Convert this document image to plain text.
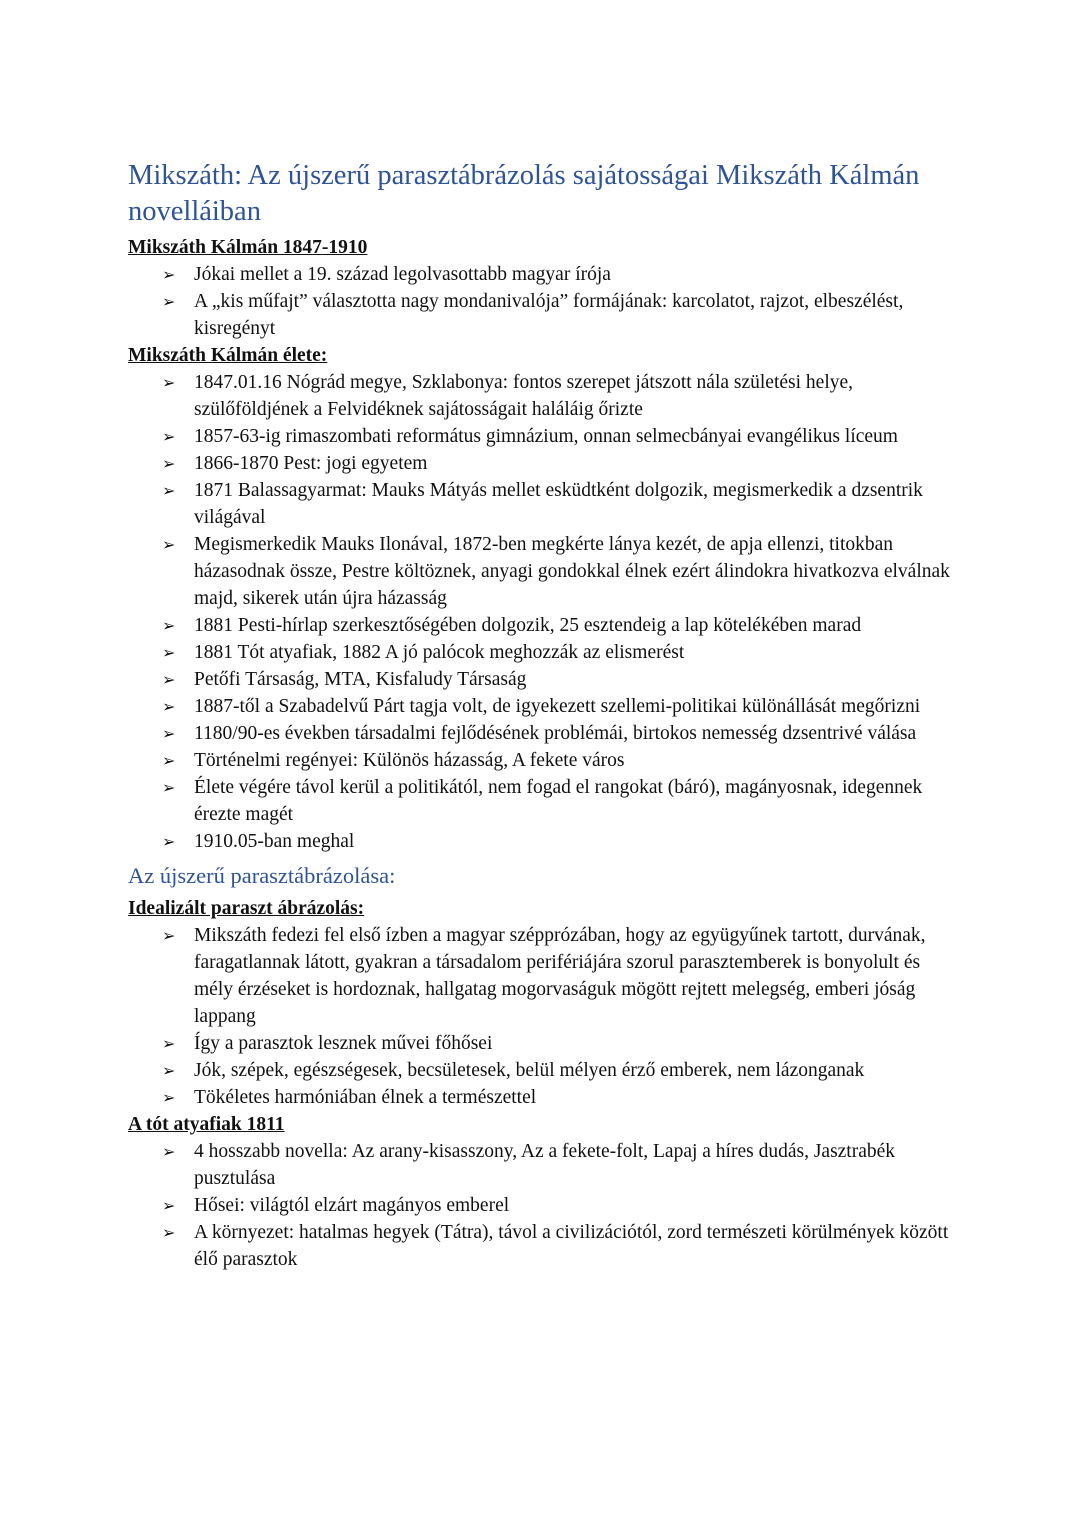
Mikszáth: Az újszerű parasztábrázolás sajátosságai Mikszáth Kálmán novelláiban
Mikszáth Kálmán 1847-1910
➢ Jókai mellet a 19. század legolvasottabb magyar írója
➢ A „kis műfajt” választotta nagy mondanivalója” formájának: karcolatot, rajzot, elbeszélést, kisregényt
Mikszáth Kálmán élete:
➢ 1847.01.16 Nógrád megye, Szklabonya: fontos szerepet játszott nála születési helye, szülőföldjének a Felvidéknek sajátosságait haláláig őrizte
➢ 1857-63-ig rimaszombati református gimnázium, onnan selmecbányai evangélikus líceum
➢ 1866-1870 Pest: jogi egyetem
➢ 1871 Balassagyarmat: Mauks Mátyás mellet esküdtként dolgozik, megismerkedik a dzsentrik világával
➢ Megismerkedik Mauks Ilonával, 1872-ben megkérte lánya kezét, de apja ellenzi, titokban házasodnak össze, Pestre költöznek, anyagi gondokkal élnek ezért álindokra hivatkozva elválnak majd, sikerek után újra házasság
➢ 1881 Pesti-hírlap szerkesztőségében dolgozik, 25 esztendeig a lap kötelékében marad
➢ 1881 Tót atyafiak, 1882 A jó palócok meghozzák az elismerést
➢ Petőfi Társaság, MTA, Kisfaludy Társaság
➢ 1887-től a Szabadelvű Párt tagja volt, de igyekezett szellemi-politikai különállását megőrizni
➢ 1180/90-es években társadalmi fejlődésének problémái, birtokos nemesség dzsentrivé válása
➢ Történelmi regényei: Különös házasság, A fekete város
➢ Élete végére távol kerül a politikától, nem fogad el rangokat (báró), magányosnak, idegennek érezte magét
➢ 1910.05-ban meghal
Az újszerű parasztábrázolása:
Idealizált paraszt ábrázolás:
➢ Mikszáth fedezi fel első ízben a magyar szépprózában, hogy az együgyűnek tartott, durvának, faragatlannak látott, gyakran a társadalom perifériájára szorul parasztemberek is bonyolult és mély érzéseket is hordoznak, hallgatag mogorvaságuk mögött rejtett melegség, emberi jóság lappang
➢ Így a parasztok lesznek művei főhősei
➢ Jók, szépek, egészségesek, becsületesek, belül mélyen érző emberek, nem lázonganak
➢ Tökéletes harmóniában élnek a természettel
A tót atyafiak 1811
➢ 4 hosszabb novella: Az arany-kisasszony, Az a fekete-folt, Lapaj a híres dudás, Jasztrabék pusztulása
➢ Hősei: világtól elzárt magányos emberel
➢ A környezet: hatalmas hegyek (Tátra), távol a civilizációtól, zord természeti körülmények között élő parasztok
